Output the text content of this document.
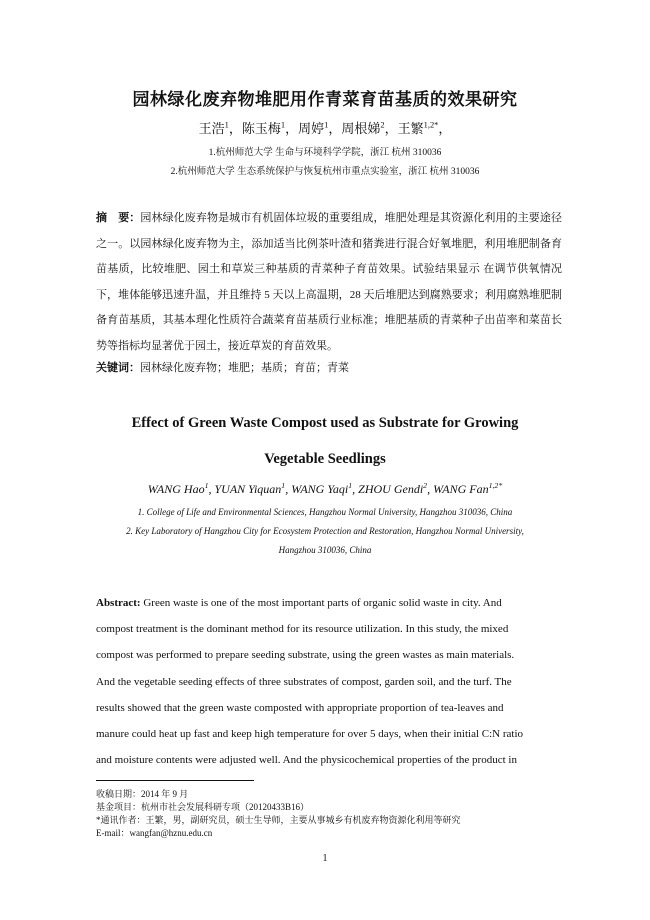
园林绿化废弃物堆肥用作青菜育苗基质的效果研究
王浩$^1$，陈玉梅$^1$，周婷$^1$，周根娣$^2$，王繁$^{1,2*}$，
1.杭州师范大学 生命与环境科学学院，浙江 杭州 310036
2.杭州师范大学 生态系统保护与恢复杭州市重点实验室，浙江 杭州 310036
摘　要：园林绿化废弃物是城市有机固体垃圾的重要组成，堆肥处理是其资源化利用的主要途径之一。以园林绿化废弃物为主，添加适当比例茶叶渣和猪粪进行混合好氧堆肥，利用堆肥制备育苗基质，比较堆肥、园土和草炭三种基质的青菜种子育苗效果。试验结果显示 在调节供氧情况下，堆体能够迅速升温，并且维持 5 天以上高温期，28 天后堆肥达到腐熟要求；利用腐熟堆肥制备育苗基质，其基本理化性质符合蔬菜育苗基质行业标准；堆肥基质的青菜种子出苗率和菜苗长势等指标均显著优于园土，接近草炭的育苗效果。
关键词：园林绿化废弃物；堆肥；基质；育苗；青菜
Effect of Green Waste Compost used as Substrate for Growing
Vegetable Seedlings
WANG Hao$^1$, YUAN Yiquan$^1$, WANG Yaqi$^1$, ZHOU Gendi$^2$, WANG Fan$^{1,2*}$
1. College of Life and Environmental Sciences, Hangzhou Normal University, Hangzhou 310036, China
2. Key Laboratory of Hangzhou City for Ecosystem Protection and Restoration, Hangzhou Normal University,
Hangzhou 310036, China

Abstract: Green waste is one of the most important parts of organic solid waste in city. And

compost treatment is the dominant method for its resource utilization. In this study, the mixed

compost was performed to prepare seeding substrate, using the green wastes as main materials.

And the vegetable seeding effects of three substrates of compost, garden soil, and the turf. The

results showed that the green waste composted with appropriate proportion of tea-leaves and

manure could heat up fast and keep high temperature for over 5 days, when their initial C:N ratio

and moisture contents were adjusted well. And the physicochemical properties of the product in

收稿日期：2014 年 9 月
基金项目：杭州市社会发展科研专项（20120433B16）
*通讯作者：王繁，男，副研究员，硕士生导师，主要从事城乡有机废弃物资源化利用等研究
E-mail：wangfan@hznu.edu.cn
1
